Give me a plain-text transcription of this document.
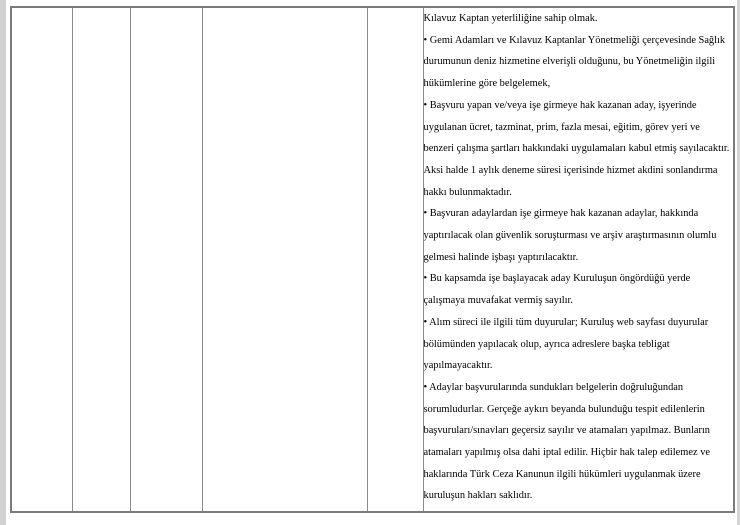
Kılavuz Kaptan yeterliliğine sahip olmak.

• Gemi Adamları ve Kılavuz Kaptanlar Yönetmeliği çerçevesinde Sağlık durumunun deniz hizmetine elverişli olduğunu, bu Yönetmeliğin ilgili hükümlerine göre belgelemek,

• Başvuru yapan ve/veya işe girmeye hak kazanan aday, işyerinde uygulanan ücret, tazminat, prim, fazla mesai, eğitim, görev yeri ve benzeri çalışma şartları hakkındaki uygulamaları kabul etmiş sayılacaktır. Aksi halde 1 aylık deneme süresi içerisinde hizmet akdini sonlandırma hakkı bulunmaktadır.

• Başvuran adaylardan işe girmeye hak kazanan adaylar, hakkında yaptırılacak olan güvenlik soruşturması ve arşiv araştırmasının olumlu gelmesi halinde işbaşı yaptırılacaktır.

• Bu kapsamda işe başlayacak aday Kuruluşun öngördüğü yerde çalışmaya muvafakat vermiş sayılır.

• Alım süreci ile ilgili tüm duyurular; Kuruluş web sayfası duyurular bölümünden yapılacak olup, ayrıca adreslere başka tebligat yapılmayacaktır.

• Adaylar başvurularında sundukları belgelerin doğruluğundan sorumludurlar. Gerçeğe aykırı beyanda bulunduğu tespit edilenlerin başvuruları/sınavları geçersiz sayılır ve atamaları yapılmaz. Bunların atamaları yapılmış olsa dahi iptal edilir. Hiçbir hak talep edilemez ve haklarında Türk Ceza Kanunun ilgili hükümleri uygulanmak üzere kuruluşun hakları saklıdır.
